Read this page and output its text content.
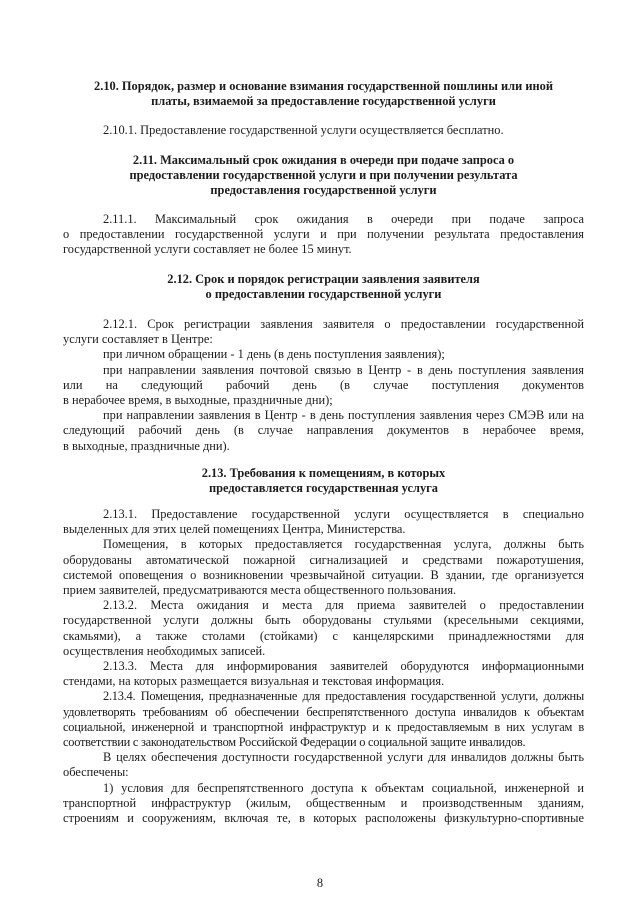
2.10. Порядок, размер и основание взимания государственной пошлины или иной
платы, взимаемой за предоставление государственной услуги
2.10.1. Предоставление государственной услуги осуществляется бесплатно.
2.11. Максимальный срок ожидания в очереди при подаче запроса о
предоставлении государственной услуги и при получении результата
предоставления государственной услуги
2.11.1. Максимальный срок ожидания в очереди при подаче запроса
о предоставлении государственной услуги и при получении результата предоставления
государственной услуги составляет не более 15 минут.
2.12. Срок и порядок регистрации заявления заявителя
о предоставлении государственной услуги
2.12.1. Срок регистрации заявления заявителя о предоставлении государственной
услуги составляет в Центре:
при личном обращении - 1 день (в день поступления заявления);
при направлении заявления почтовой связью в Центр - в день поступления заявления
или на следующий рабочий день (в случае поступления документов
в нерабочее время, в выходные, праздничные дни);
при направлении заявления в Центр - в день поступления заявления через СМЭВ или на
следующий рабочий день (в случае направления документов в нерабочее время,
в выходные, праздничные дни).
2.13. Требования к помещениям, в которых
предоставляется государственная услуга
2.13.1. Предоставление государственной услуги осуществляется в специально
выделенных для этих целей помещениях Центра, Министерства.
Помещения, в которых предоставляется государственная услуга, должны быть
оборудованы автоматической пожарной сигнализацией и средствами пожаротушения,
системой оповещения о возникновении чрезвычайной ситуации. В здании, где организуется
прием заявителей, предусматриваются места общественного пользования.
2.13.2. Места ожидания и места для приема заявителей о предоставлении
государственной услуги должны быть оборудованы стульями (кресельными секциями,
скамьями), а также столами (стойками) с канцелярскими принадлежностями для
осуществления необходимых записей.
2.13.3. Места для информирования заявителей оборудуются информационными
стендами, на которых размещается визуальная и текстовая информация.
2.13.4. Помещения, предназначенные для предоставления государственной услуги, должны
удовлетворять требованиям об обеспечении беспрепятственного доступа инвалидов к объектам
социальной, инженерной и транспортной инфраструктур и к предоставляемым в них услугам в
соответствии с законодательством Российской Федерации о социальной защите инвалидов.
В целях обеспечения доступности государственной услуги для инвалидов должны быть
обеспечены:
1) условия для беспрепятственного доступа к объектам социальной, инженерной и
транспортной инфраструктур (жилым, общественным и производственным зданиям,
строениям и сооружениям, включая те, в которых расположены физкультурно-спортивные
8
